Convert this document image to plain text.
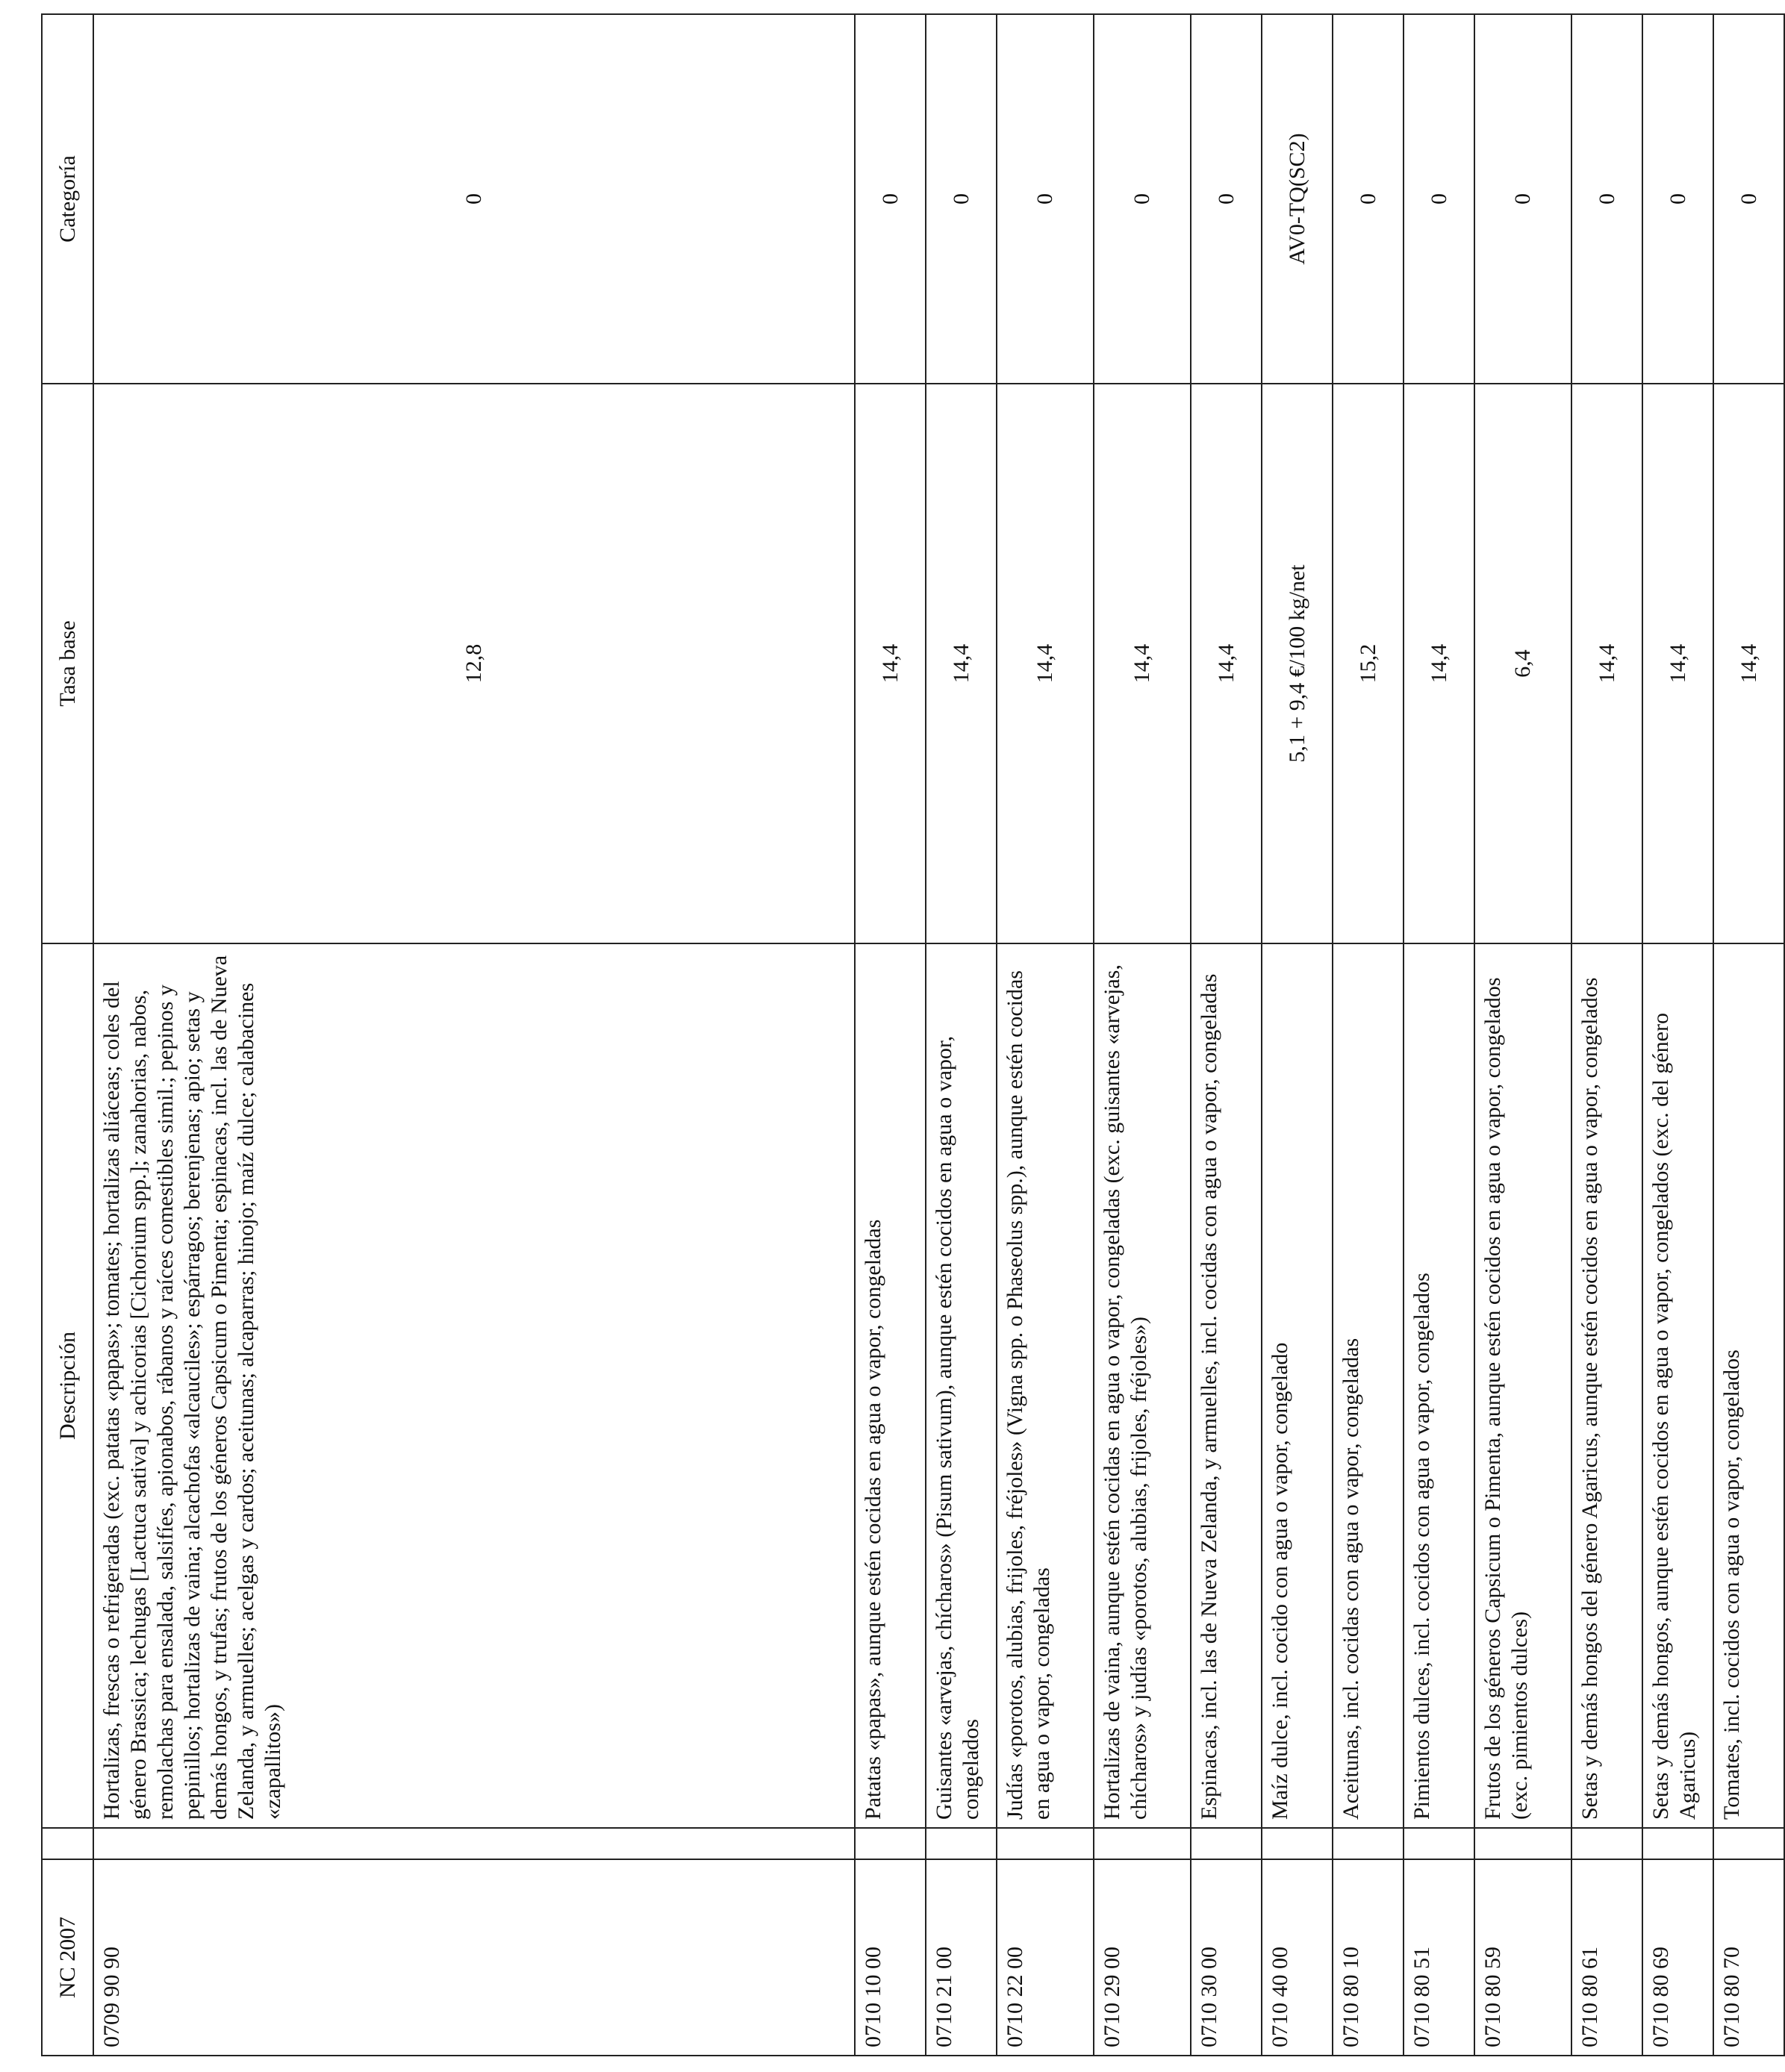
NC 2007		Descripción	Tasa base	Categoría
0709 90 90		Hortalizas, frescas o refrigeradas (exc. patatas «papas»; tomates; hortalizas aliáceas; coles del género Brassica; lechugas [Lactuca sativa] y achicorias [Cichorium spp.]; zanahorias, nabos, remolachas para ensalada, salsifíes, apionabos, rábanos y raíces comestibles simil.; pepinos y pepinillos; hortalizas de vaina; alcachofas «alcauciles»; espárragos; berenjenas; apio; setas y demás hongos, y trufas; frutos de los géneros Capsicum o Pimenta; espinacas, incl. las de Nueva Zelanda, y armuelles; acelgas y cardos; aceitunas; alcaparras; hinojo; maíz dulce; calabacines «zapallitos»)	12,8	0
0710 10 00		Patatas «papas», aunque estén cocidas en agua o vapor, congeladas	14,4	0
0710 21 00		Guisantes «arvejas, chícharos» (Pisum sativum), aunque estén cocidos en agua o vapor, congelados	14,4	0
0710 22 00		Judías «porotos, alubias, frijoles, fréjoles» (Vigna spp. o Phaseolus spp.), aunque estén cocidas en agua o vapor, congeladas	14,4	0
0710 29 00		Hortalizas de vaina, aunque estén cocidas en agua o vapor, congeladas (exc. guisantes «arvejas, chícharos» y judías «porotos, alubias, frijoles, fréjoles»)	14,4	0
0710 30 00		Espinacas, incl. las de Nueva Zelanda, y armuelles, incl. cocidas con agua o vapor, congeladas	14,4	0
0710 40 00		Maíz dulce, incl. cocido con agua o vapor, congelado	5,1 + 9,4 €/100 kg/net	AV0-TQ(SC2)
0710 80 10		Aceitunas, incl. cocidas con agua o vapor, congeladas	15,2	0
0710 80 51		Pimientos dulces, incl. cocidos con agua o vapor, congelados	14,4	0
0710 80 59		Frutos de los géneros Capsicum o Pimenta, aunque estén cocidos en agua o vapor, congelados (exc. pimientos dulces)	6,4	0
0710 80 61		Setas y demás hongos del género Agaricus, aunque estén cocidos en agua o vapor, congelados	14,4	0
0710 80 69		Setas y demás hongos, aunque estén cocidos en agua o vapor, congelados (exc. del género Agaricus)	14,4	0
0710 80 70		Tomates, incl. cocidos con agua o vapor, congelados	14,4	0
